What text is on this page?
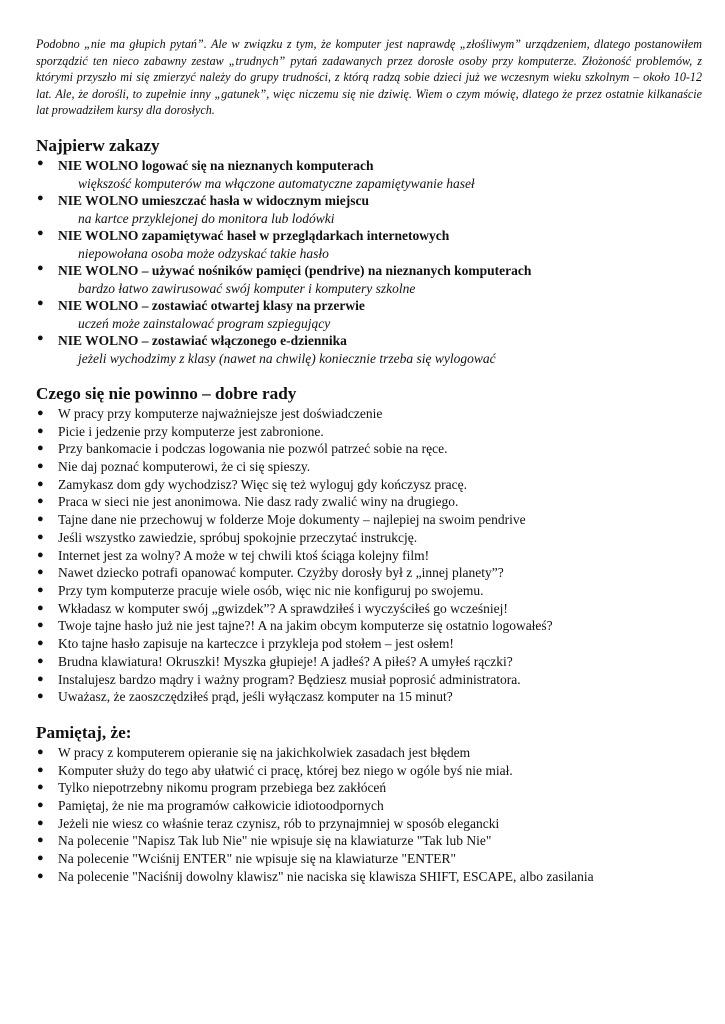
Podobno „nie ma głupich pytań”. Ale w związku z tym, że komputer jest naprawdę „złośliwym” urządzeniem, dlatego postanowiłem sporządzić ten nieco zabawny zestaw „trudnych” pytań zadawanych przez dorosłe osoby przy komputerze. Złożoność problemów, z którymi przyszło mi się zmierzyć należy do grupy trudności, z którą radzą sobie dzieci już we wczesnym wieku szkolnym – około 10-12 lat. Ale, że dorośli, to zupełnie inny „gatunek”, więc niczemu się nie dziwię. Wiem o czym mówię, dlatego że przez ostatnie kilkanaście lat prowadziłem kursy dla dorosłych.

Najpierw zakazy
● NIE WOLNO logować się na nieznanych komputerach
większość komputerów ma włączone automatyczne zapamiętywanie haseł
● NIE WOLNO umieszczać hasła w widocznym miejscu
na kartce przyklejonej do monitora lub lodówki
● NIE WOLNO zapamiętywać haseł w przeglądarkach internetowych
niepowołana osoba może odzyskać takie hasło
● NIE WOLNO – używać nośników pamięci (pendrive) na nieznanych komputerach
bardzo łatwo zawirusować swój komputer i komputery szkolne
● NIE WOLNO – zostawiać otwartej klasy na przerwie
uczeń może zainstalować program szpiegujący
● NIE WOLNO – zostawiać włączonego e-dziennika
jeżeli wychodzimy z klasy (nawet na chwilę) koniecznie trzeba się wylogować
Czego się nie powinno – dobre rady
● W pracy przy komputerze najważniejsze jest doświadczenie
● Picie i jedzenie przy komputerze jest zabronione.
● Przy bankomacie i podczas logowania nie pozwól patrzeć sobie na ręce.
● Nie daj poznać komputerowi, że ci się spieszy.
● Zamykasz dom gdy wychodzisz? Więc się też wyloguj gdy kończysz pracę.
● Praca w sieci nie jest anonimowa. Nie dasz rady zwalić winy na drugiego.
● Tajne dane nie przechowuj w folderze Moje dokumenty – najlepiej na swoim pendrive
● Jeśli wszystko zawiedzie, spróbuj spokojnie przeczytać instrukcję.
● Internet jest za wolny? A może w tej chwili ktoś ściąga kolejny film!
● Nawet dziecko potrafi opanować komputer. Czyżby dorosły był z „innej planety”?
● Przy tym komputerze pracuje wiele osób, więc nic nie konfiguruj po swojemu.
● Wkładasz w komputer swój „gwizdek”? A sprawdziłeś i wyczyściłeś go wcześniej!
● Twoje tajne hasło już nie jest tajne?! A na jakim obcym komputerze się ostatnio logowałeś?
● Kto tajne hasło zapisuje na karteczce i przykleja pod stołem – jest osłem!
● Brudna klawiatura! Okruszki! Myszka głupieje! A jadłeś? A piłeś? A umyłeś rączki?
● Instalujesz bardzo mądry i ważny program? Będziesz musiał poprosić administratora.
● Uważasz, że zaoszczędziłeś prąd, jeśli wyłączasz komputer na 15 minut?
Pamiętaj, że:
● W pracy z komputerem opieranie się na jakichkolwiek zasadach jest błędem
● Komputer służy do tego aby ułatwić ci pracę, której bez niego w ogóle byś nie miał.
● Tylko niepotrzebny nikomu program przebiega bez zakłóceń
● Pamiętaj, że nie ma programów całkowicie idiotoodpornych
● Jeżeli nie wiesz co właśnie teraz czynisz, rób to przynajmniej w sposób elegancki
● Na polecenie "Napisz Tak lub Nie" nie wpisuje się na klawiaturze "Tak lub Nie"
● Na polecenie "Wciśnij ENTER" nie wpisuje się na klawiaturze "ENTER"
● Na polecenie "Naciśnij dowolny klawisz" nie naciska się klawisza SHIFT, ESCAPE, albo zasilania
